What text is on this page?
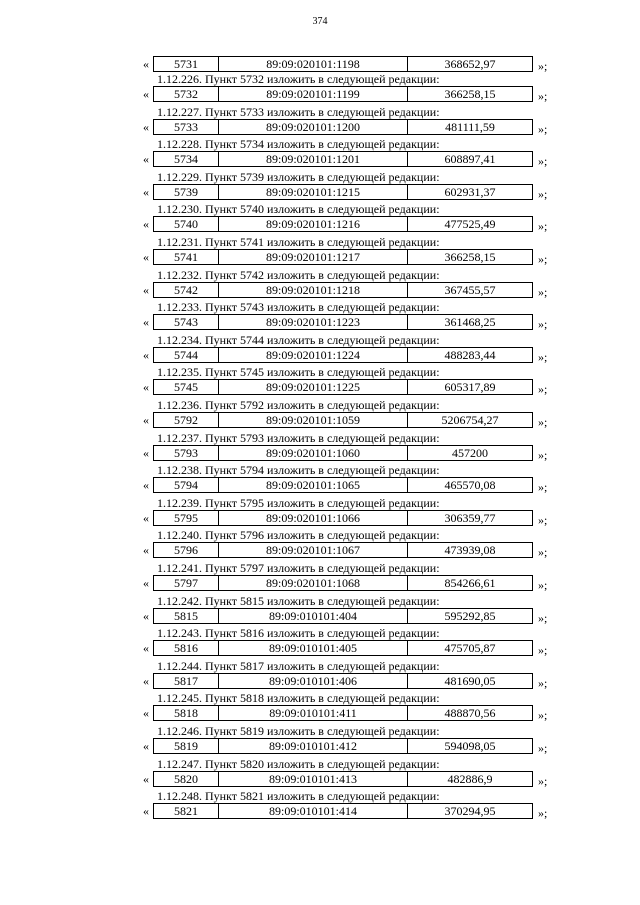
374
«	5731	89:09:020101:1198	368652,97	»;
1.12.226. Пункт 5732 изложить в следующей редакции:
«	5732	89:09:020101:1199	366258,15	»;
1.12.227. Пункт 5733 изложить в следующей редакции:
«	5733	89:09:020101:1200	481111,59	»;
1.12.228. Пункт 5734 изложить в следующей редакции:
«	5734	89:09:020101:1201	608897,41	»;
1.12.229. Пункт 5739 изложить в следующей редакции:
«	5739	89:09:020101:1215	602931,37	»;
1.12.230. Пункт 5740 изложить в следующей редакции:
«	5740	89:09:020101:1216	477525,49	»;
1.12.231. Пункт 5741 изложить в следующей редакции:
«	5741	89:09:020101:1217	366258,15	»;
1.12.232. Пункт 5742 изложить в следующей редакции:
«	5742	89:09:020101:1218	367455,57	»;
1.12.233. Пункт 5743 изложить в следующей редакции:
«	5743	89:09:020101:1223	361468,25	»;
1.12.234. Пункт 5744 изложить в следующей редакции:
«	5744	89:09:020101:1224	488283,44	»;
1.12.235. Пункт 5745 изложить в следующей редакции:
«	5745	89:09:020101:1225	605317,89	»;
1.12.236. Пункт 5792 изложить в следующей редакции:
«	5792	89:09:020101:1059	5206754,27	»;
1.12.237. Пункт 5793 изложить в следующей редакции:
«	5793	89:09:020101:1060	457200	»;
1.12.238. Пункт 5794 изложить в следующей редакции:
«	5794	89:09:020101:1065	465570,08	»;
1.12.239. Пункт 5795 изложить в следующей редакции:
«	5795	89:09:020101:1066	306359,77	»;
1.12.240. Пункт 5796 изложить в следующей редакции:
«	5796	89:09:020101:1067	473939,08	»;
1.12.241. Пункт 5797 изложить в следующей редакции:
«	5797	89:09:020101:1068	854266,61	»;
1.12.242. Пункт 5815 изложить в следующей редакции:
«	5815	89:09:010101:404	595292,85	»;
1.12.243. Пункт 5816 изложить в следующей редакции:
«	5816	89:09:010101:405	475705,87	»;
1.12.244. Пункт 5817 изложить в следующей редакции:
«	5817	89:09:010101:406	481690,05	»;
1.12.245. Пункт 5818 изложить в следующей редакции:
«	5818	89:09:010101:411	488870,56	»;
1.12.246. Пункт 5819 изложить в следующей редакции:
«	5819	89:09:010101:412	594098,05	»;
1.12.247. Пункт 5820 изложить в следующей редакции:
«	5820	89:09:010101:413	482886,9	»;
1.12.248. Пункт 5821 изложить в следующей редакции:
«	5821	89:09:010101:414	370294,95	»;
